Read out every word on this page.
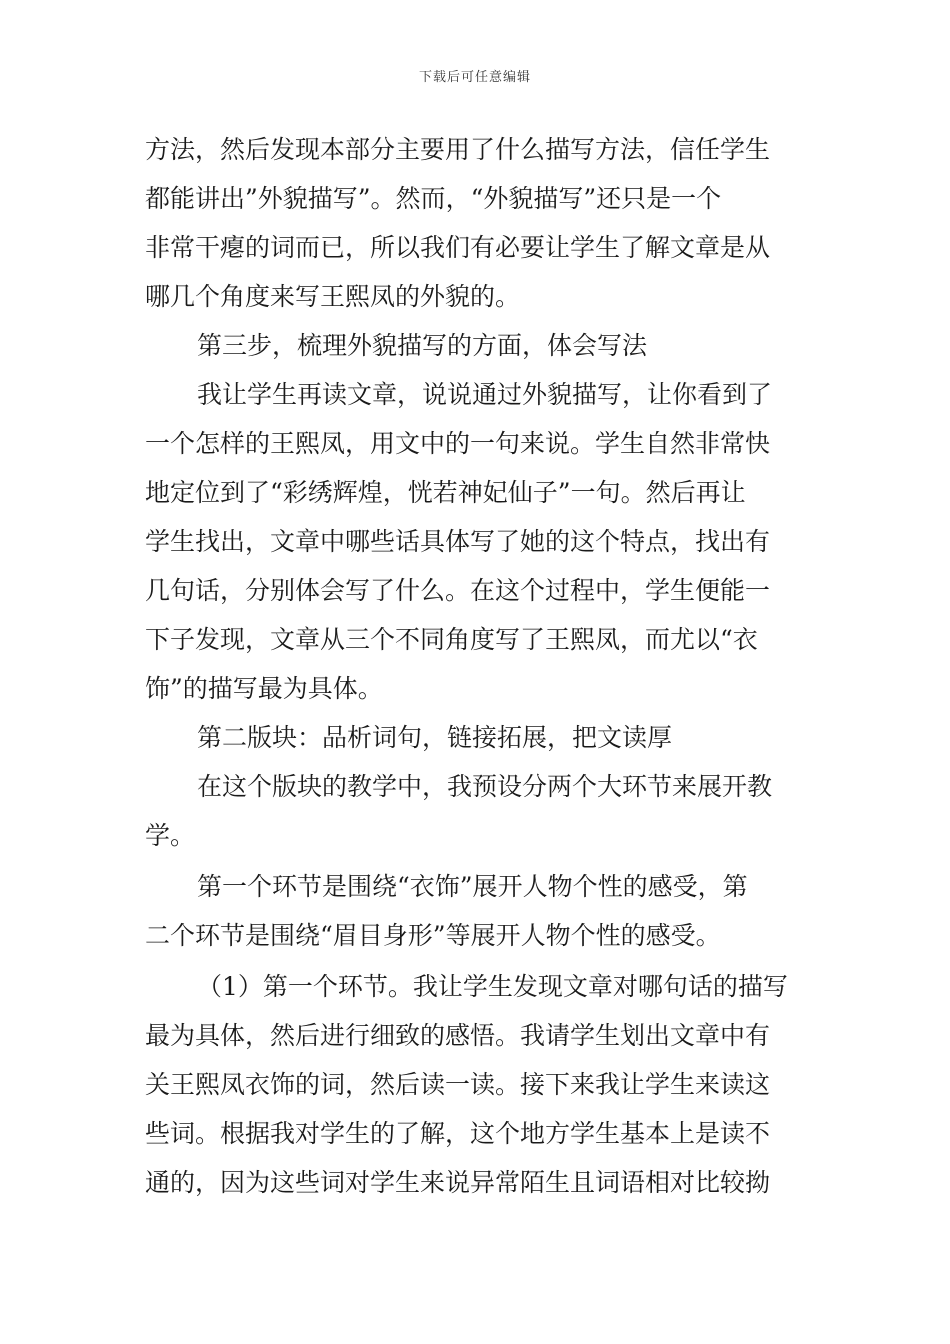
下载后可任意编辑
方法，然后发现本部分主要用了什么描写方法，信任学生
都能讲出”外貌描写”。然而，“外貌描写”还只是一个
非常干瘪的词而已，所以我们有必要让学生了解文章是从
哪几个角度来写王熙凤的外貌的。
第三步，梳理外貌描写的方面，体会写法
我让学生再读文章，说说通过外貌描写，让你看到了
一个怎样的王熙凤，用文中的一句来说。学生自然非常快
地定位到了“彩绣辉煌，恍若神妃仙子”一句。然后再让
学生找出，文章中哪些话具体写了她的这个特点，找出有
几句话，分别体会写了什么。在这个过程中，学生便能一
下子发现，文章从三个不同角度写了王熙凤，而尤以“衣
饰”的描写最为具体。
第二版块：品析词句，链接拓展，把文读厚
在这个版块的教学中，我预设分两个大环节来展开教
学。
第一个环节是围绕“衣饰”展开人物个性的感受，第
二个环节是围绕“眉目身形”等展开人物个性的感受。
（1）第一个环节。我让学生发现文章对哪句话的描写
最为具体，然后进行细致的感悟。我请学生划出文章中有
关王熙凤衣饰的词，然后读一读。接下来我让学生来读这
些词。根据我对学生的了解，这个地方学生基本上是读不
通的，因为这些词对学生来说异常陌生且词语相对比较拗
